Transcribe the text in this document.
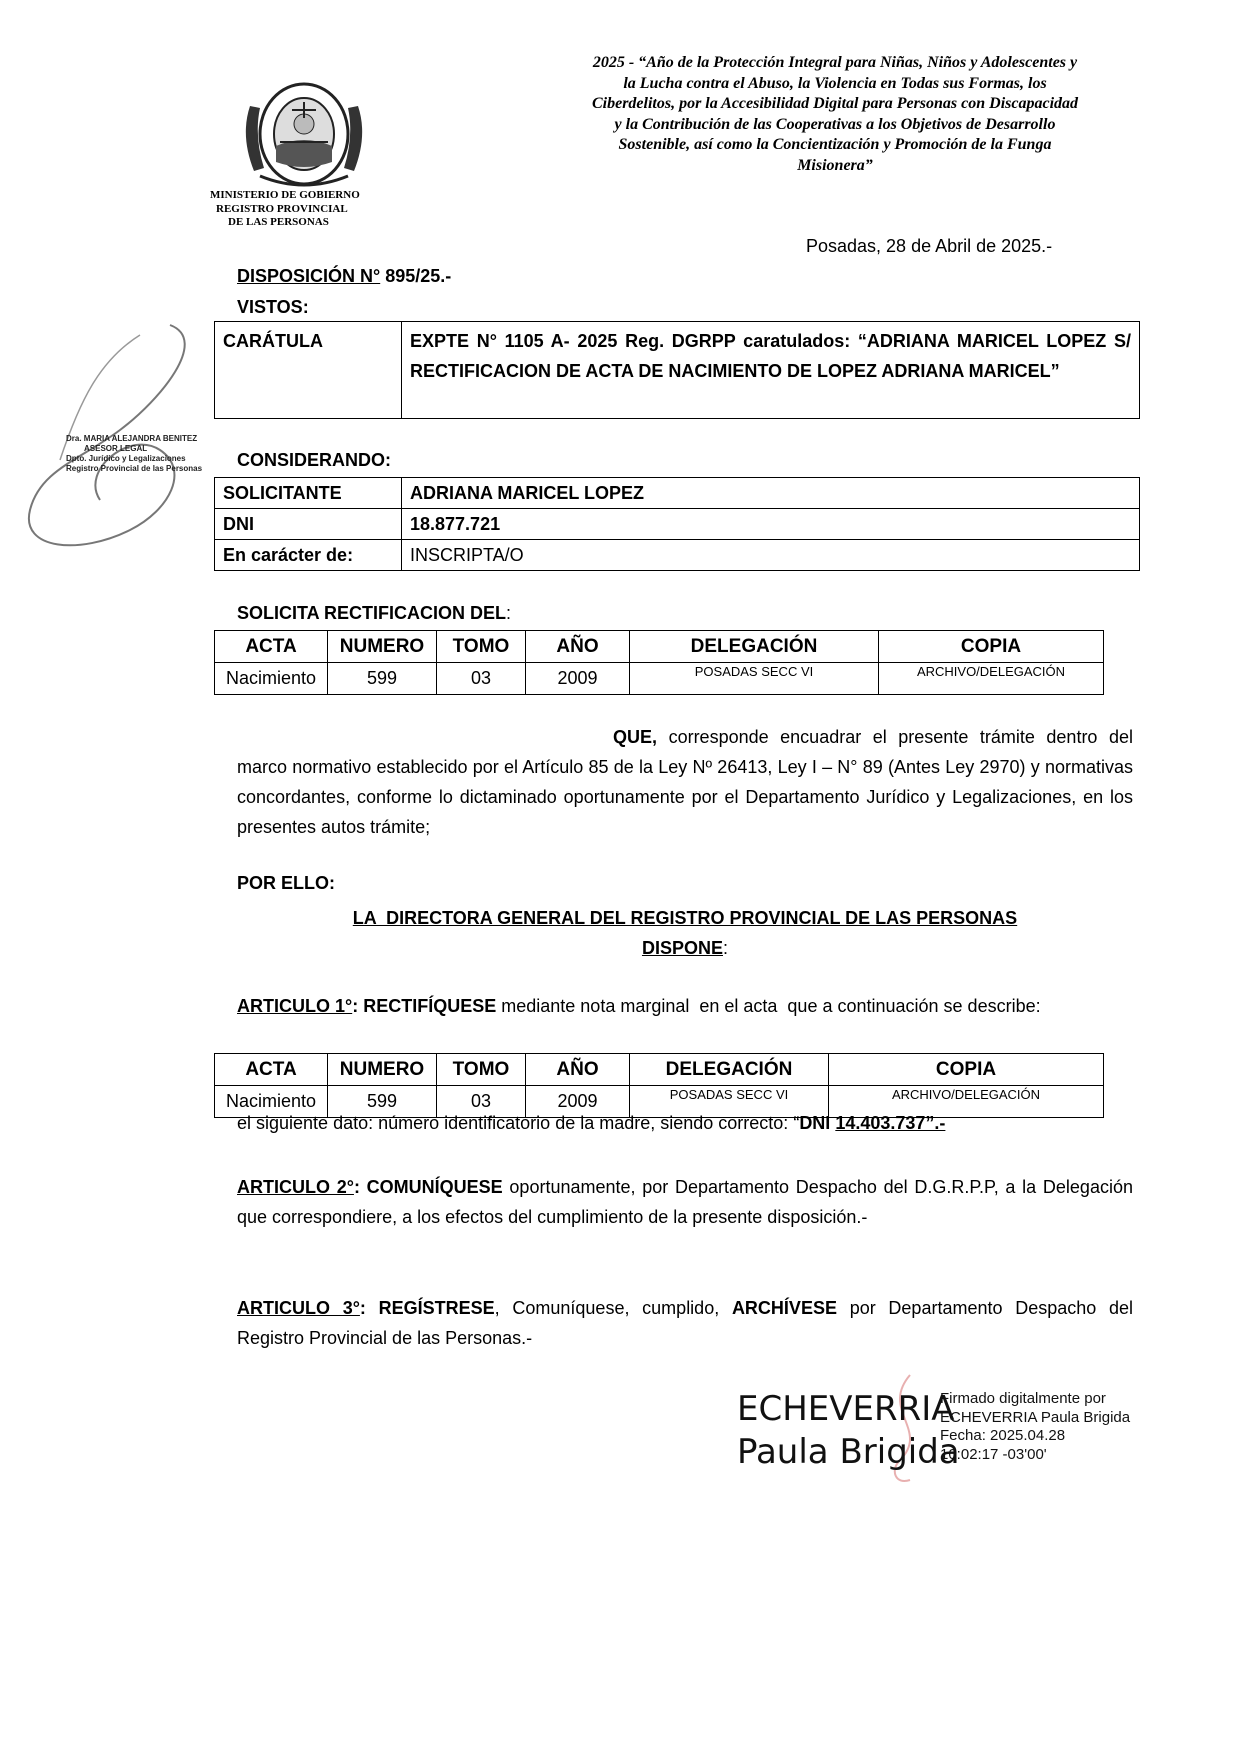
MINISTERIO DE GOBIERNO
REGISTRO PROVINCIAL
DE LAS PERSONAS
2025 - “Año de la Protección Integral para Niñas, Niños y Adolescentes y
la Lucha contra el Abuso, la Violencia en Todas sus Formas, los
Ciberdelitos, por la Accesibilidad Digital para Personas con Discapacidad
y la Contribución de las Cooperativas a los Objetivos de Desarrollo
Sostenible, así como la Concientización y Promoción de la Funga
Misionera”
Dra. MARIA ALEJANDRA BENITEZ
ASESOR LEGAL
Dpto. Jurídico y Legalizaciones
Registro Provincial de las Personas
Posadas, 28 de Abril de 2025.-
DISPOSICIÓN N° 895/25.-
VISTOS:
CARÁTULA	EXPTE N° 1105 A- 2025 Reg. DGRPP caratulados: “ADRIANA MARICEL LOPEZ S/ RECTIFICACION DE ACTA DE NACIMIENTO DE LOPEZ ADRIANA MARICEL”
CONSIDERANDO:
SOLICITANTE	ADRIANA MARICEL LOPEZ
DNI	18.877.721
En carácter de:	INSCRIPTA/O
SOLICITA RECTIFICACION DEL:
ACTA	NUMERO	TOMO	AÑO	DELEGACIÓN	COPIA
Nacimiento	599	03	2009	POSADAS SECC VI	ARCHIVO/DELEGACIÓN
QUE, corresponde encuadrar el presente trámite dentro del marco normativo establecido por el Artículo 85 de la Ley Nº 26413, Ley I – N° 89 (Antes Ley 2970) y normativas concordantes, conforme lo dictaminado oportunamente por el Departamento Jurídico y Legalizaciones, en los presentes autos trámite;
POR ELLO:
LA  DIRECTORA GENERAL DEL REGISTRO PROVINCIAL DE LAS PERSONAS
DISPONE:
ARTICULO 1°: RECTIFÍQUESE mediante nota marginal  en el acta  que a continuación se describe:
ACTA	NUMERO	TOMO	AÑO	DELEGACIÓN	COPIA
Nacimiento	599	03	2009	POSADAS SECC VI	ARCHIVO/DELEGACIÓN
el siguiente dato: número identificatorio de la madre, siendo correcto: “DNI 14.403.737”.-
ARTICULO 2°: COMUNÍQUESE oportunamente, por Departamento Despacho del D.G.R.P.P, a la Delegación que correspondiere, a los efectos del cumplimiento de la presente disposición.-
ARTICULO 3°: REGÍSTRESE, Comuníquese, cumplido, ARCHÍVESE por Departamento Despacho del Registro Provincial de las Personas.-
ECHEVERRIA
Paula Brigida
Firmado digitalmente por
ECHEVERRIA Paula Brigida
Fecha: 2025.04.28
10:02:17 -03'00'
